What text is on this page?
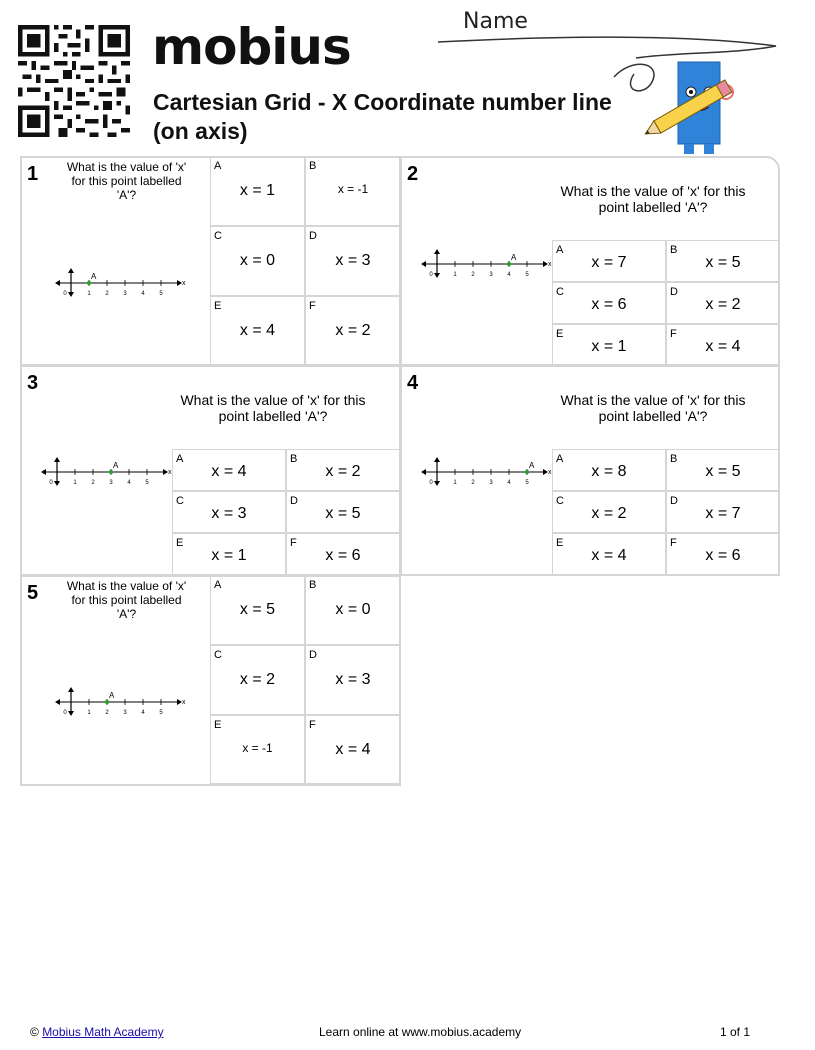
mobius
Cartesian Grid - X Coordinate number line (on axis)
Name
1 What is the value of 'x' for this point labelled 'A'?
0	1 2 3 4 5
x
A
A
x = 1
B
x = -1
C
x = 0
D
x = 3
E
x = 4
F
x = 2
2
What is the value of 'x' for this point labelled 'A'?
0	1 2 3 4 5
x
A
A
x = 7
B
x = 5
C
x = 6
D
x = 2
E
x = 1
F
x = 4
3
What is the value of 'x' for this point labelled 'A'?
0	1 2 3 4 5
x
A
A
x = 4
B
x = 2
C
x = 3
D
x = 5
E
x = 1
F
x = 6
4
What is the value of 'x' for this point labelled 'A'?
0	1 2 3 4 5
x
A
A
x = 8
B
x = 5
C
x = 2
D
x = 7
E
x = 4
F
x = 6
5 What is the value of 'x' for this point labelled 'A'?
0	1 2 3 4 5
x
A
A
x = 5
B
x = 0
C
x = 2
D
x = 3
E
x = -1
F
x = 4
© Mobius Math Academy	Learn online at www.mobius.academy	1 of 1
